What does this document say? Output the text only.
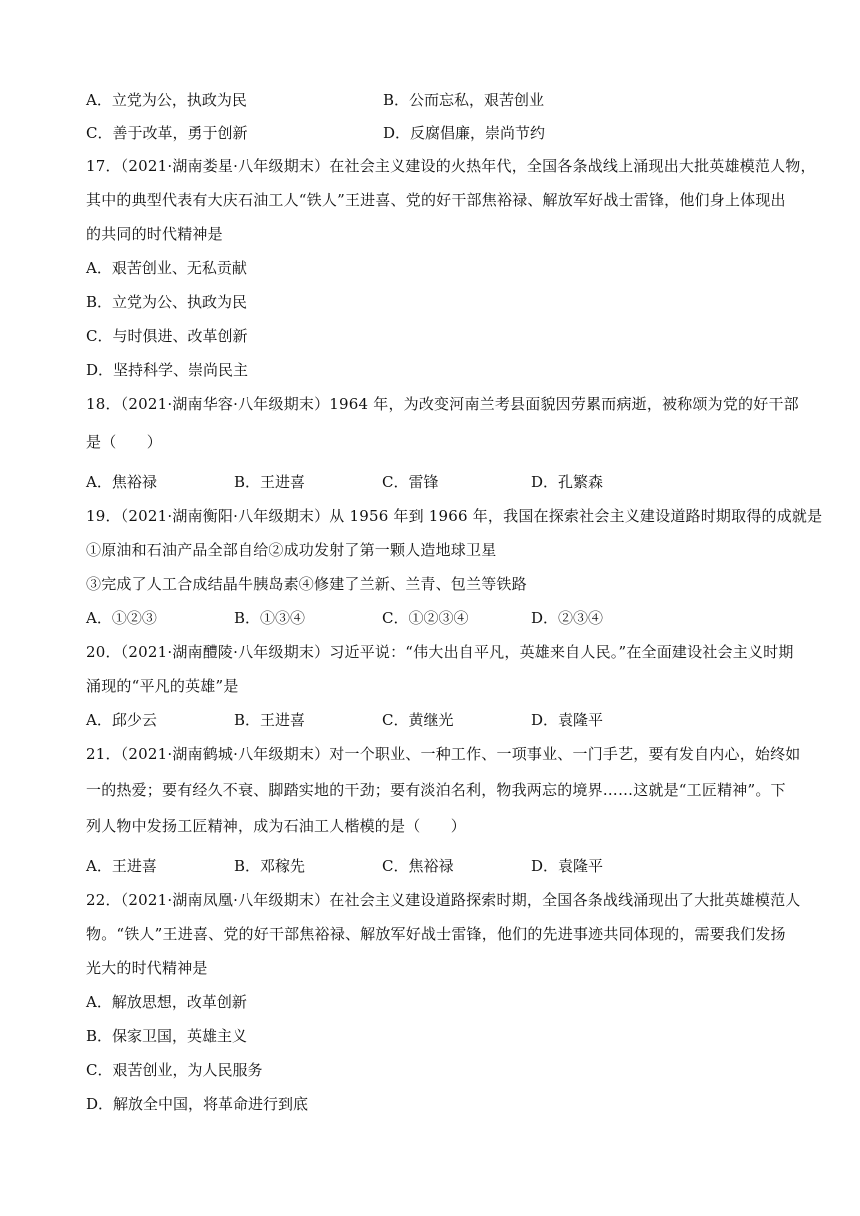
A．立党为公，执政为民	B．公而忘私，艰苦创业
C．善于改革，勇于创新	D．反腐倡廉，崇尚节约
17．（2021·湖南娄星·八年级期末）在社会主义建设的火热年代，全国各条战线上涌现出大批英雄模范人物，
其中的典型代表有大庆石油工人“铁人”王进喜、党的好干部焦裕禄、解放军好战士雷锋，他们身上体现出
的共同的时代精神是
A．艰苦创业、无私贡献
B．立党为公、执政为民
C．与时俱进、改革创新
D．坚持科学、崇尚民主
18．（2021·湖南华容·八年级期末）1964 年，为改变河南兰考县面貌因劳累而病逝，被称颂为党的好干部
是（　　）
A．焦裕禄	B．王进喜	C．雷锋	D．孔繁森
19．（2021·湖南衡阳·八年级期末）从 1956 年到 1966 年，我国在探索社会主义建设道路时期取得的成就是
①原油和石油产品全部自给②成功发射了第一颗人造地球卫星
③完成了人工合成结晶牛胰岛素④修建了兰新、兰青、包兰等铁路
A．①②③	B．①③④	C．①②③④	D．②③④
20．（2021·湖南醴陵·八年级期末）习近平说：“伟大出自平凡，英雄来自人民。”在全面建设社会主义时期
涌现的“平凡的英雄”是
A．邱少云	B．王进喜	C．黄继光	D．袁隆平
21．（2021·湖南鹤城·八年级期末）对一个职业、一种工作、一项事业、一门手艺，要有发自内心，始终如
一的热爱；要有经久不衰、脚踏实地的干劲；要有淡泊名利，物我两忘的境界……这就是“工匠精神”。下
列人物中发扬工匠精神，成为石油工人楷模的是（　　）
A．王进喜	B．邓稼先	C．焦裕禄	D．袁隆平
22．（2021·湖南凤凰·八年级期末）在社会主义建设道路探索时期，全国各条战线涌现出了大批英雄模范人
物。“铁人”王进喜、党的好干部焦裕禄、解放军好战士雷锋，他们的先进事迹共同体现的，需要我们发扬
光大的时代精神是
A．解放思想，改革创新
B．保家卫国，英雄主义
C．艰苦创业，为人民服务
D．解放全中国，将革命进行到底
